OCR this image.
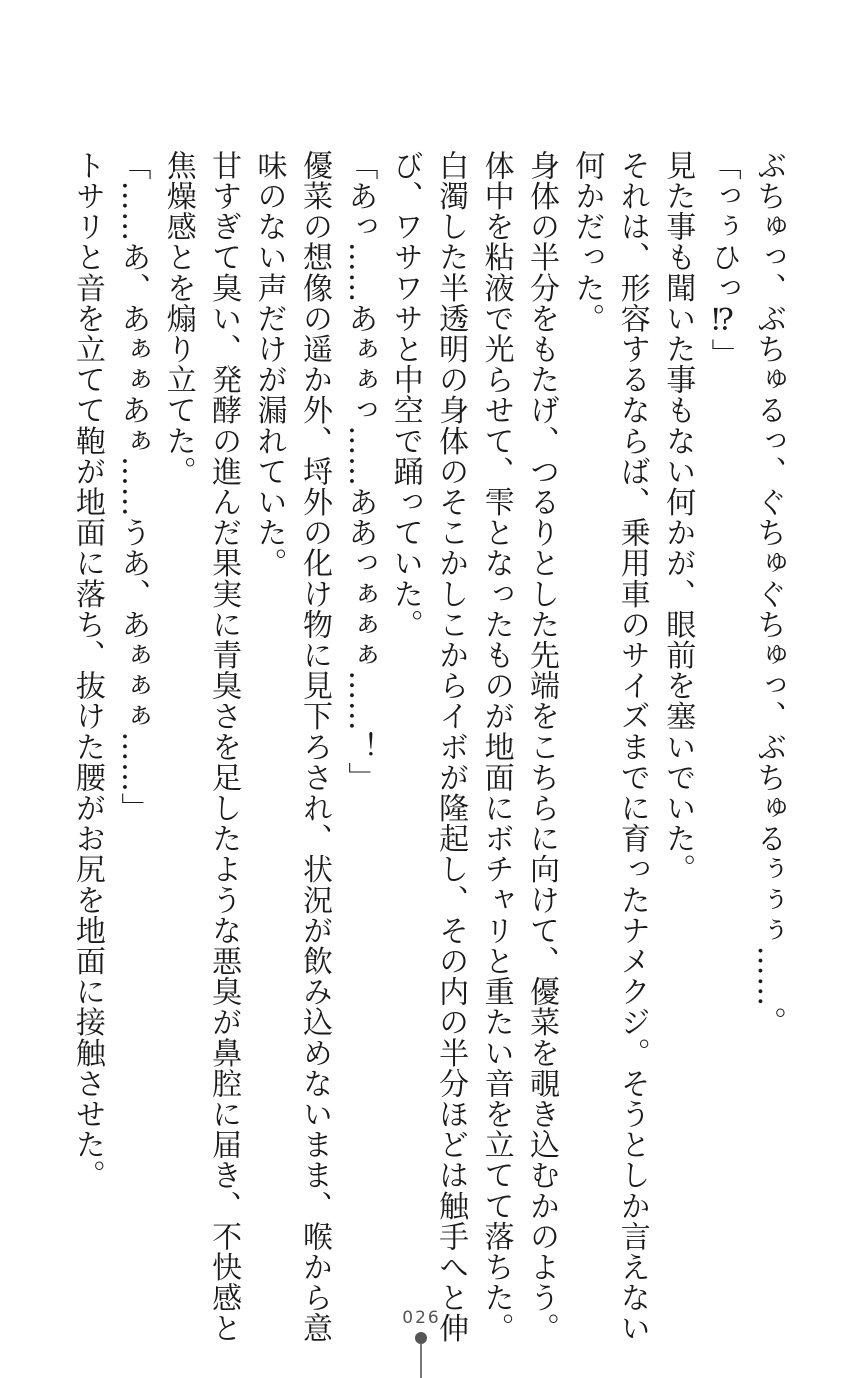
ぶちゅっ、ぶちゅるっ、ぐちゅぐちゅっ、ぶちゅるぅぅぅ……。

「っぅひっ⁉」

見た事も聞いた事もない何かが、眼前を塞いでいた。

それは、形容するならば、乗用車のサイズまでに育ったナメクジ。そうとしか言えない

何かだった。

身体の半分をもたげ、つるりとした先端をこちらに向けて、優菜を覗き込むかのよう。

体中を粘液で光らせて、雫となったものが地面にボチャリと重たい音を立てて落ちた。

白濁した半透明の身体のそこかしこからイボが隆起し、その内の半分ほどは触手へと伸

び、ワサワサと中空で踊っていた。

「あっ……あぁぁっ……ああっぁぁぁ……！」

優菜の想像の遥か外、埒外の化け物に見下ろされ、状況が飲み込めないまま、喉から意

味のない声だけが漏れていた。

甘すぎて臭い、発酵の進んだ果実に青臭さを足したような悪臭が鼻腔に届き、不快感と

焦燥感とを煽り立てた。

「……あ、あぁぁあぁ……うあ、あぁぁぁ……」

トサリと音を立てて鞄が地面に落ち、抜けた腰がお尻を地面に接触させた。

026
